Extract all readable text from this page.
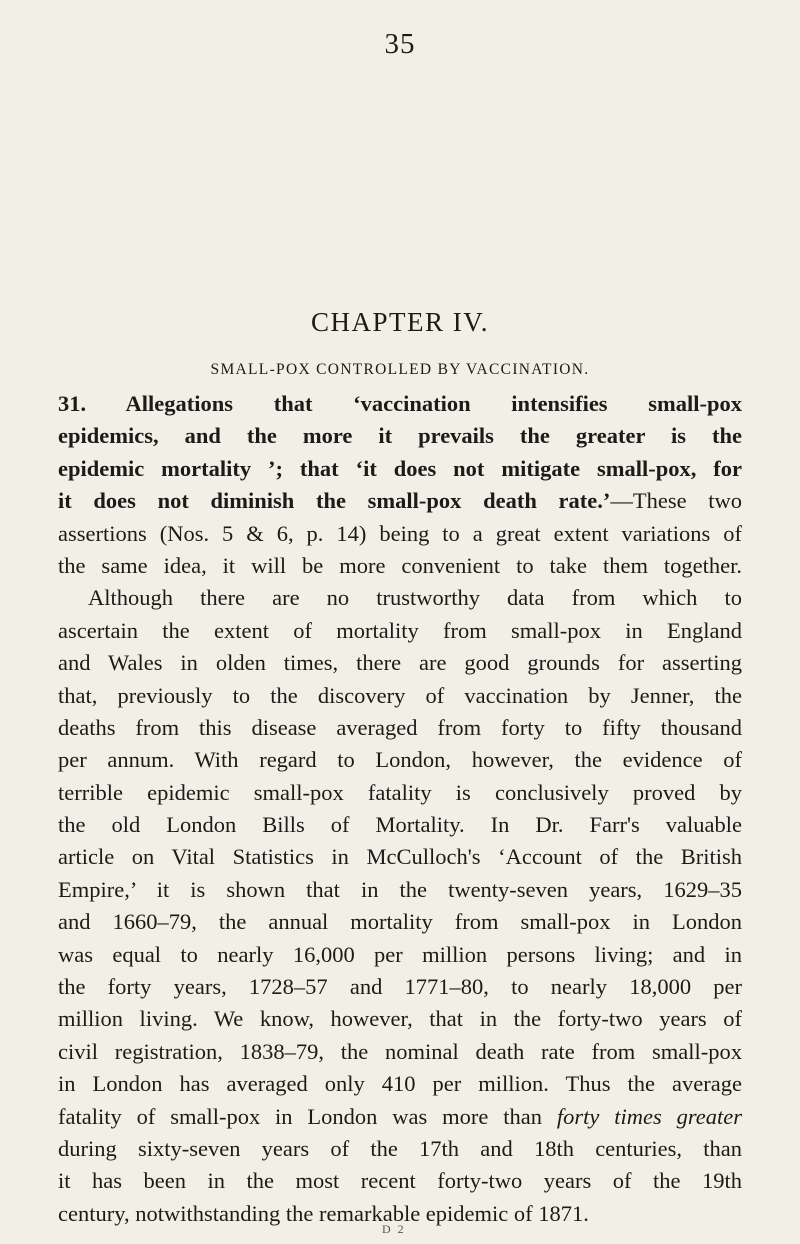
35
CHAPTER IV.
SMALL-POX CONTROLLED BY VACCINATION.
31. Allegations that ‘vaccination intensifies small-pox
epidemics, and the more it prevails the greater is the
epidemic mortality ’; that ‘it does not mitigate small-pox, for
it does not diminish the small-pox death rate.’—These two
assertions (Nos. 5 & 6, p. 14) being to a great extent variations of
the same idea, it will be more convenient to take them together.
Although there are no trustworthy data from which to
ascertain the extent of mortality from small-pox in England
and Wales in olden times, there are good grounds for asserting
that, previously to the discovery of vaccination by Jenner, the
deaths from this disease averaged from forty to fifty thousand
per annum. With regard to London, however, the evidence of
terrible epidemic small-pox fatality is conclusively proved by
the old London Bills of Mortality. In Dr. Farr's valuable
article on Vital Statistics in McCulloch's ‘Account of the British
Empire,’ it is shown that in the twenty-seven years, 1629–35
and 1660–79, the annual mortality from small-pox in London
was equal to nearly 16,000 per million persons living; and in
the forty years, 1728–57 and 1771–80, to nearly 18,000 per
million living. We know, however, that in the forty-two years of
civil registration, 1838–79, the nominal death rate from small-pox
in London has averaged only 410 per million. Thus the average
fatality of small-pox in London was more than forty times greater
during sixty-seven years of the 17th and 18th centuries, than
it has been in the most recent forty-two years of the 19th
century, notwithstanding the remarkable epidemic of 1871.
D 2
